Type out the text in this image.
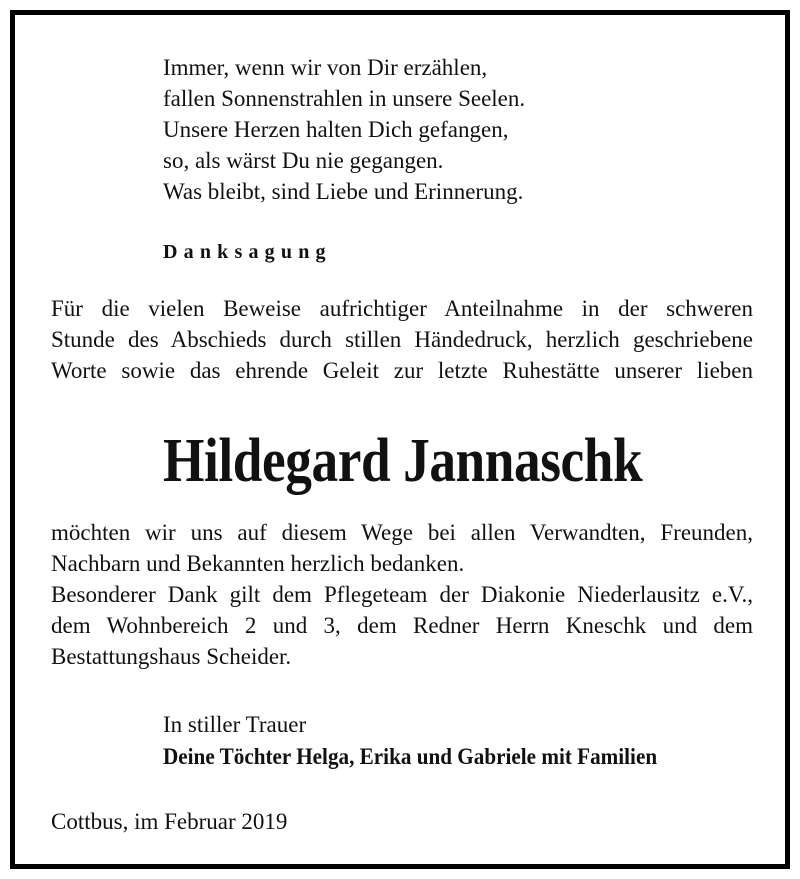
Immer, wenn wir von Dir erzählen,
fallen Sonnenstrahlen in unsere Seelen.
Unsere Herzen halten Dich gefangen,
so, als wärst Du nie gegangen.
Was bleibt, sind Liebe und Erinnerung.
Danksagung
Für die vielen Beweise aufrichtiger Anteilnahme in der schweren
Stunde des Abschieds durch stillen Händedruck, herzlich geschriebene
Worte sowie das ehrende Geleit zur letzte Ruhestätte unserer lieben
Hildegard Jannaschk
möchten wir uns auf diesem Wege bei allen Verwandten, Freunden,
Nachbarn und Bekannten herzlich bedanken.
Besonderer Dank gilt dem Pflegeteam der Diakonie Niederlausitz e.V.,
dem Wohnbereich 2 und 3, dem Redner Herrn Kneschk und dem
Bestattungshaus Scheider.
In stiller Trauer
Deine Töchter Helga, Erika und Gabriele mit Familien
Cottbus, im Februar 2019
